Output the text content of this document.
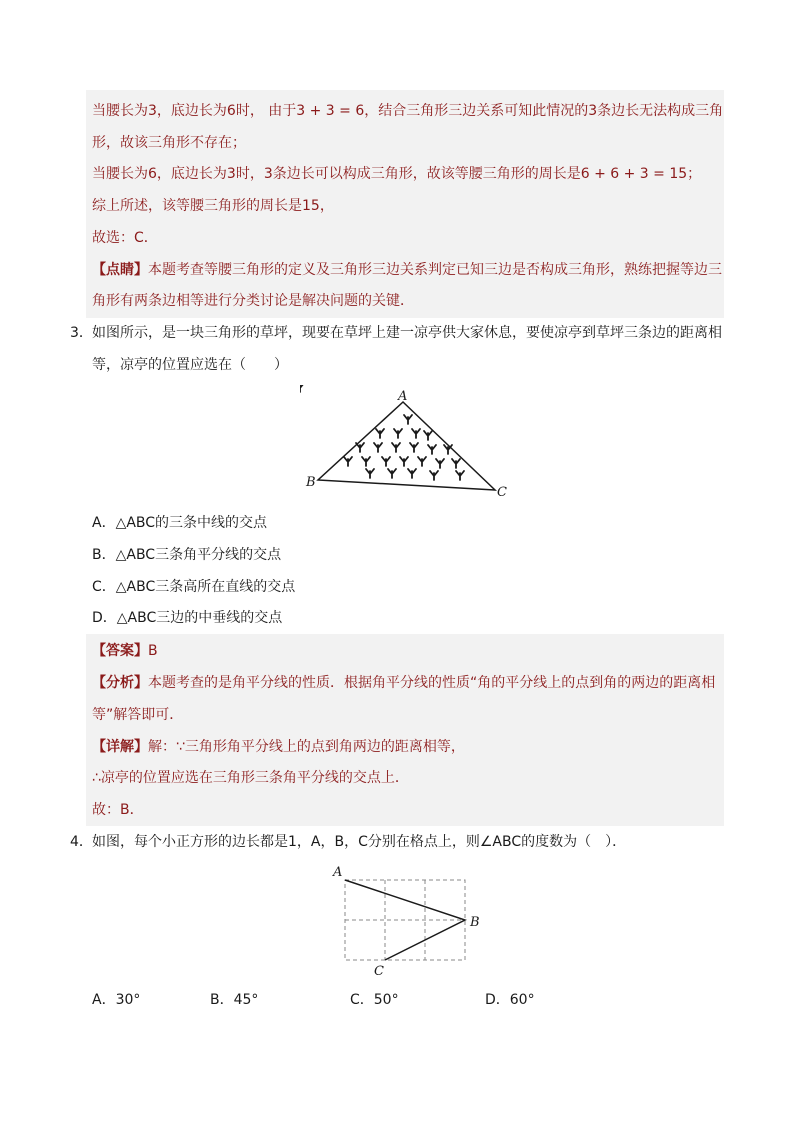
当腰长为3，底边长为6时， 由于3 + 3 = 6，结合三角形三边关系可知此情况的3条边长无法构成三角
形，故该三角形不存在；
当腰长为6，底边长为3时，3条边长可以构成三角形，故该等腰三角形的周长是6 + 6 + 3 = 15；
综上所述，该等腰三角形的周长是15，
故选：C．
【点睛】本题考查等腰三角形的定义及三角形三边关系判定已知三边是否构成三角形，熟练把握等边三
角形有两条边相等进行分类讨论是解决问题的关键．
3． 如图所示，是一块三角形的草坪，现要在草坪上建一凉亭供大家休息，要使凉亭到草坪三条边的距离相
等，凉亭的位置应选在（　　）
A
B
C
A．△ABC的三条中线的交点
B．△ABC三条角平分线的交点
C．△ABC三条高所在直线的交点
D．△ABC三边的中垂线的交点
【答案】B
【分析】本题考查的是角平分线的性质．根据角平分线的性质“角的平分线上的点到角的两边的距离相
等”解答即可．
【详解】解：∵三角形角平分线上的点到角两边的距离相等，
∴凉亭的位置应选在三角形三条角平分线的交点上．
故：B．
4． 如图，每个小正方形的边长都是1，A，B，C分别在格点上，则∠ABC的度数为（　）．
A
B
C
A．30°	B．45°	C．50°	D．60°
